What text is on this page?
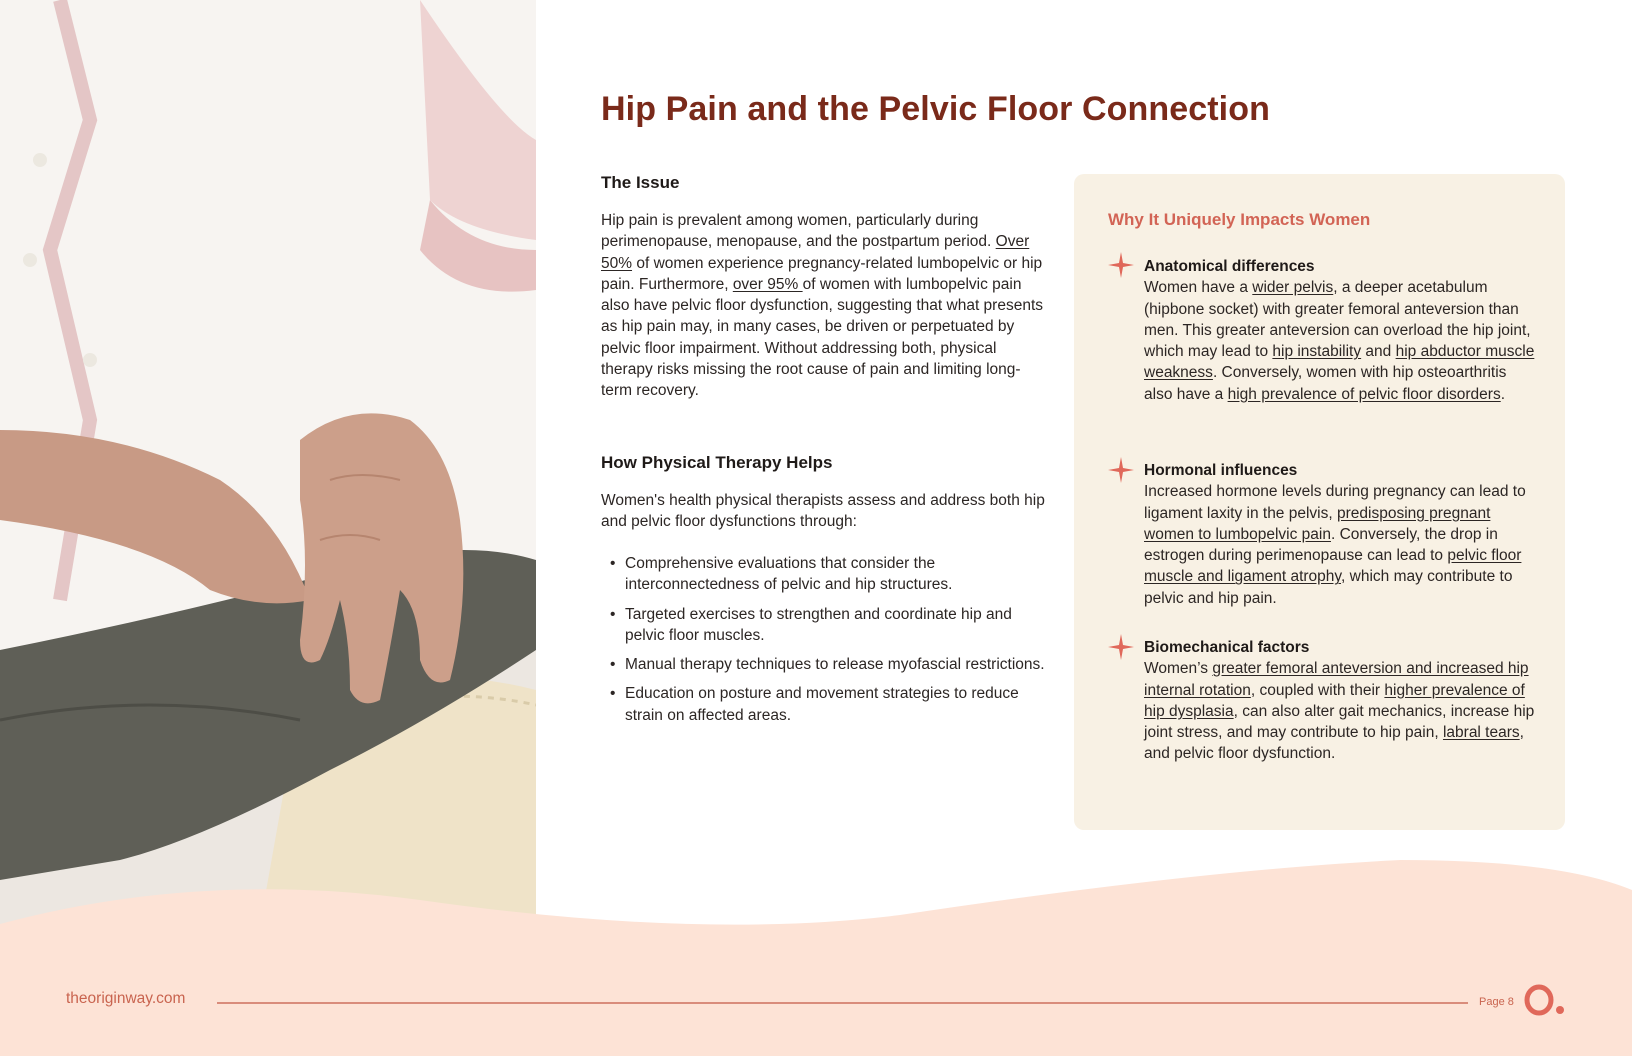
Hip Pain and the Pelvic Floor Connection
The Issue

Hip pain is prevalent among women, particularly during perimenopause, menopause, and the postpartum period. Over 50% of women experience pregnancy-related lumbopelvic or hip pain. Furthermore, over 95% of women with lumbopelvic pain also have pelvic floor dysfunction, suggesting that what presents as hip pain may, in many cases, be driven or perpetuated by pelvic floor impairment. Without addressing both, physical therapy risks missing the root cause of pain and limiting long-term recovery.

How Physical Therapy Helps

Women's health physical therapists assess and address both hip and pelvic floor dysfunctions through:

• Comprehensive evaluations that consider the interconnectedness of pelvic and hip structures.
• Targeted exercises to strengthen and coordinate hip and pelvic floor muscles.
• Manual therapy techniques to release myofascial restrictions.
• Education on posture and movement strategies to reduce strain on affected areas.
Why It Uniquely Impacts Women
Anatomical differences
Women have a wider pelvis, a deeper acetabulum (hipbone socket) with greater femoral anteversion than men. This greater anteversion can overload the hip joint, which may lead to hip instability and hip abductor muscle weakness. Conversely, women with hip osteoarthritis also have a high prevalence of pelvic floor disorders.
Hormonal influences
Increased hormone levels during pregnancy can lead to ligament laxity in the pelvis, predisposing pregnant women to lumbopelvic pain. Conversely, the drop in estrogen during perimenopause can lead to pelvic floor muscle and ligament atrophy, which may contribute to pelvic and hip pain.
Biomechanical factors
Women’s greater femoral anteversion and increased hip internal rotation, coupled with their higher prevalence of hip dysplasia, can also alter gait mechanics, increase hip joint stress, and may contribute to hip pain, labral tears, and pelvic floor dysfunction.
theoriginway.com	Page 8
